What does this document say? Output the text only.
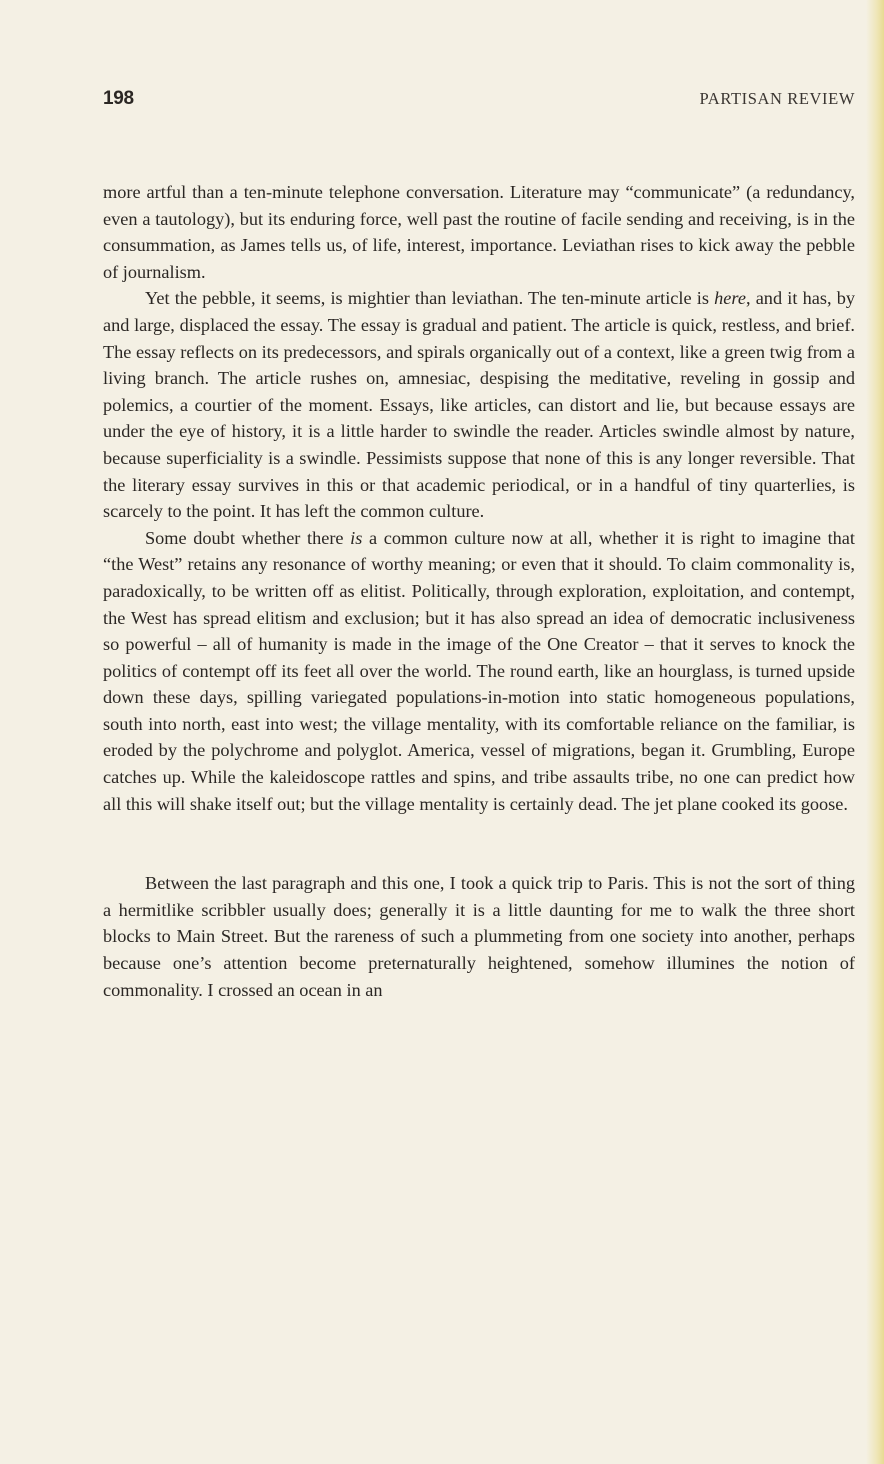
198	PARTISAN REVIEW

more artful than a ten-minute telephone conversation. Literature may “communicate” (a redundancy, even a tautology), but its enduring force, well past the routine of facile sending and receiving, is in the consummation, as James tells us, of life, interest, importance. Leviathan rises to kick away the pebble of journalism.

Yet the pebble, it seems, is mightier than leviathan. The ten-minute article is here, and it has, by and large, displaced the essay. The essay is gradual and patient. The article is quick, restless, and brief. The essay reflects on its predecessors, and spirals organically out of a context, like a green twig from a living branch. The article rushes on, amnesiac, despising the meditative, reveling in gossip and polemics, a courtier of the moment. Essays, like articles, can distort and lie, but because essays are under the eye of history, it is a little harder to swindle the reader. Articles swindle almost by nature, because superficiality is a swindle. Pessimists suppose that none of this is any longer reversible. That the literary essay survives in this or that academic periodical, or in a handful of tiny quarterlies, is scarcely to the point. It has left the common culture.

Some doubt whether there is a common culture now at all, whether it is right to imagine that “the West” retains any resonance of worthy meaning; or even that it should. To claim commonality is, paradoxically, to be written off as elitist. Politically, through exploration, exploitation, and contempt, the West has spread elitism and exclusion; but it has also spread an idea of democratic inclusiveness so powerful – all of humanity is made in the image of the One Creator – that it serves to knock the politics of contempt off its feet all over the world. The round earth, like an hourglass, is turned upside down these days, spilling variegated populations-in-motion into static homogeneous populations, south into north, east into west; the village mentality, with its comfortable reliance on the familiar, is eroded by the polychrome and polyglot. America, vessel of migrations, began it. Grumbling, Europe catches up. While the kaleidoscope rattles and spins, and tribe assaults tribe, no one can predict how all this will shake itself out; but the village mentality is certainly dead. The jet plane cooked its goose.

Between the last paragraph and this one, I took a quick trip to Paris. This is not the sort of thing a hermitlike scribbler usually does; generally it is a little daunting for me to walk the three short blocks to Main Street. But the rareness of such a plummeting from one society into another, perhaps because one’s attention become preternaturally heightened, somehow illumines the notion of commonality. I crossed an ocean in an
